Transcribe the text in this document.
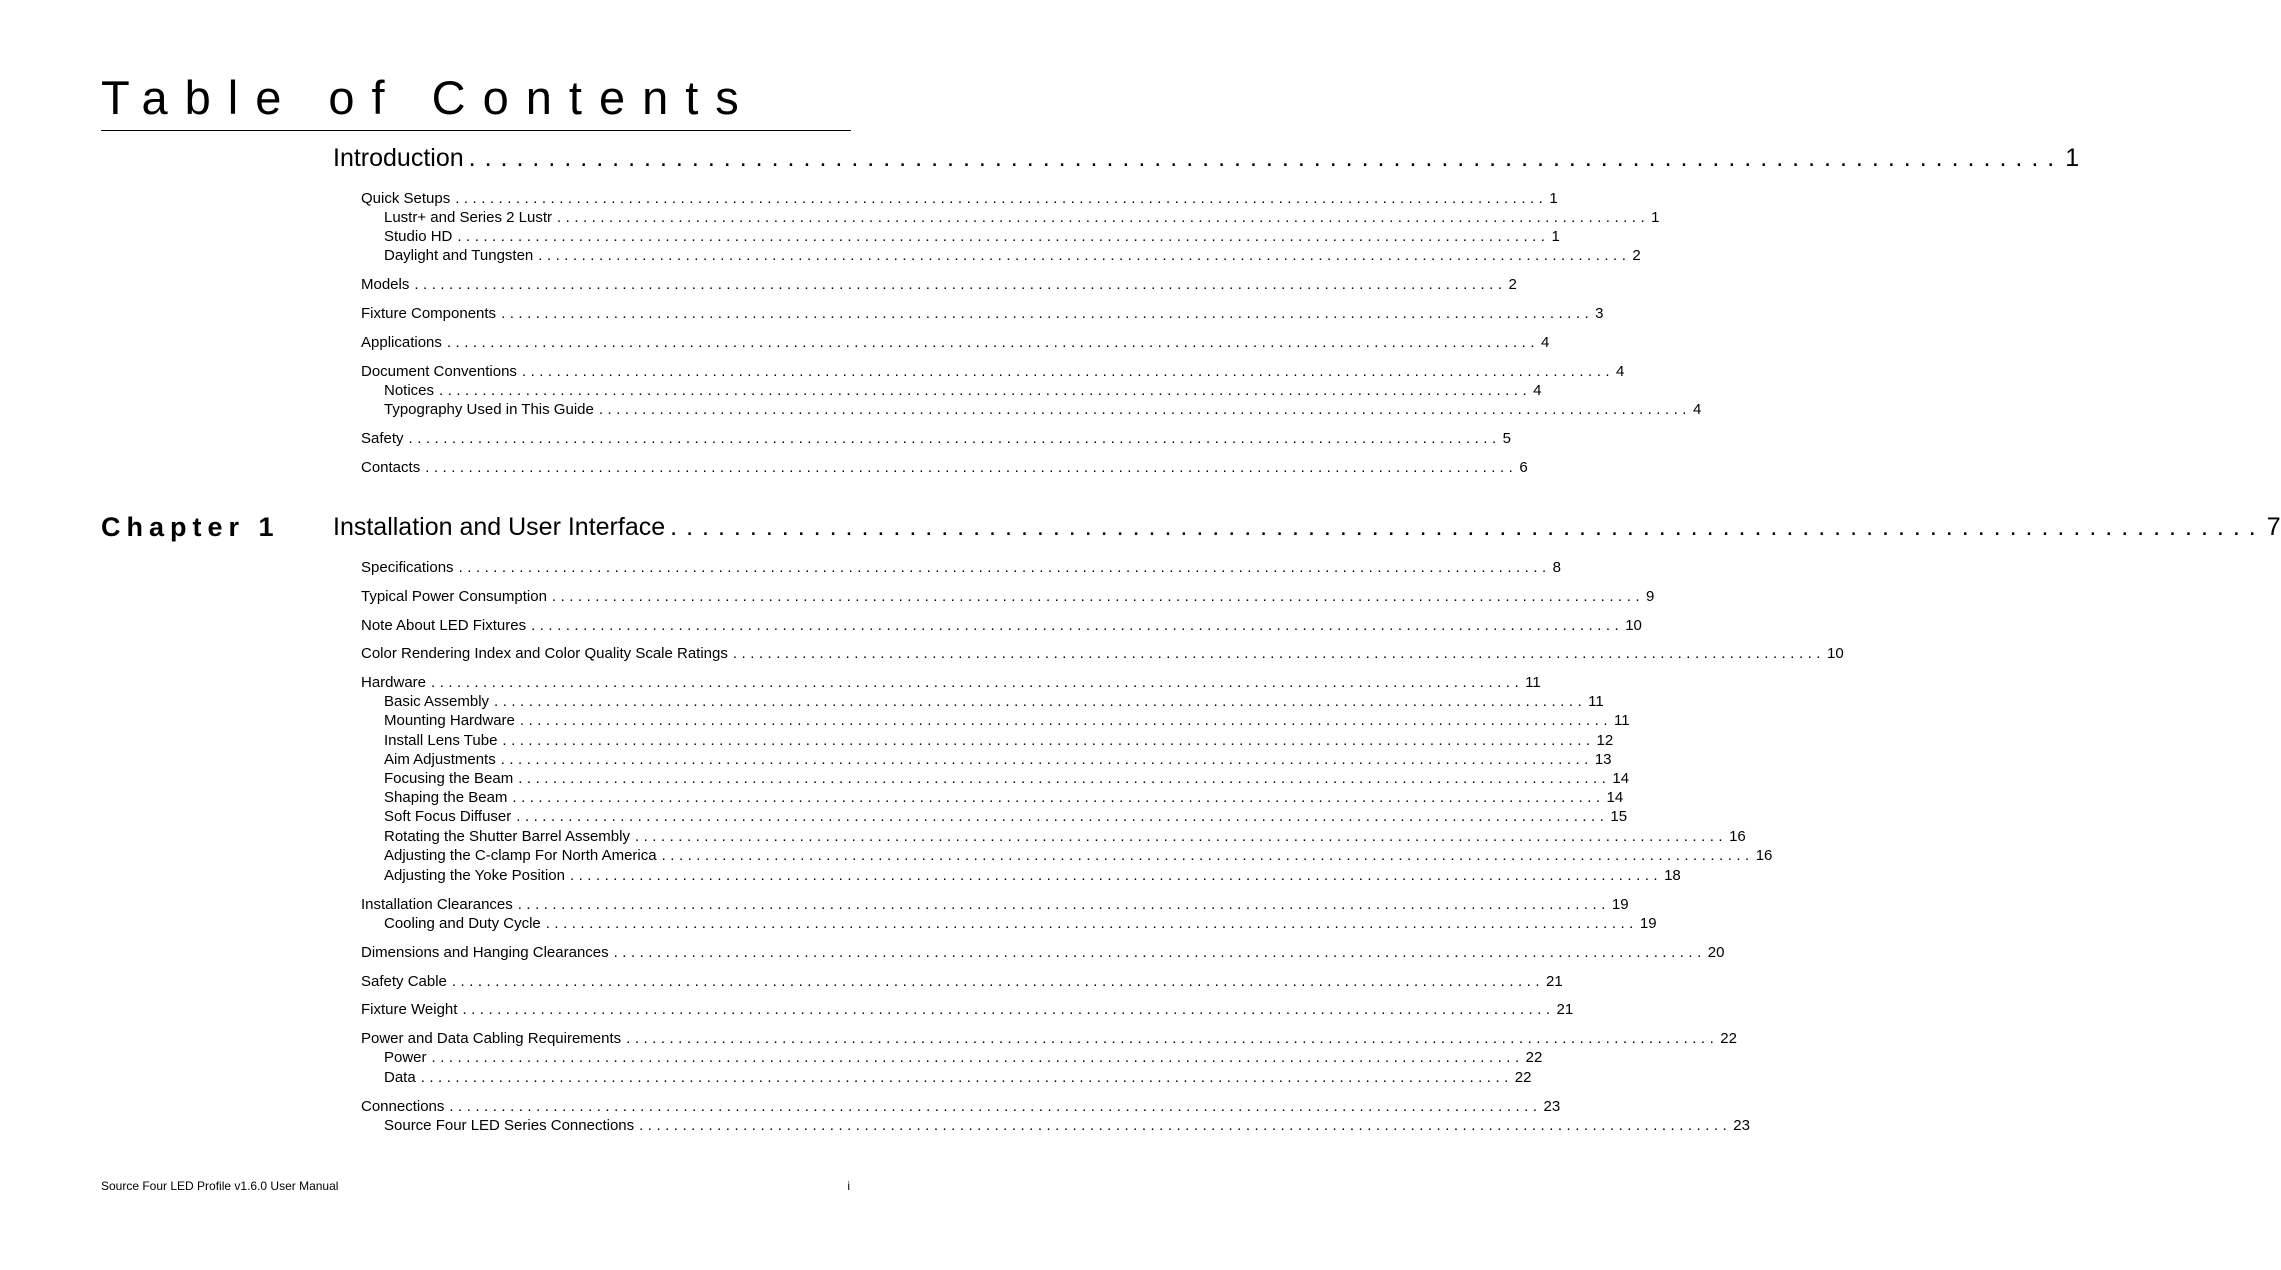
Table of Contents
Introduction .................................................................................................... 1
Quick Setups .............................................................................................................................. 1
Lustr+ and Series 2 Lustr .............................................................................................................................. 1
Studio HD .............................................................................................................................. 1
Daylight and Tungsten .............................................................................................................................. 2
Models .............................................................................................................................. 2
Fixture Components .............................................................................................................................. 3
Applications .............................................................................................................................. 4
Document Conventions .............................................................................................................................. 4
Notices .............................................................................................................................. 4
Typography Used in This Guide .............................................................................................................................. 4
Safety .............................................................................................................................. 5
Contacts .............................................................................................................................. 6
Chapter 1 Installation and User Interface .................................................................................................... 7
Specifications .............................................................................................................................. 8
Typical Power Consumption .............................................................................................................................. 9
Note About LED Fixtures .............................................................................................................................. 10
Color Rendering Index and Color Quality Scale Ratings .............................................................................................................................. 10
Hardware .............................................................................................................................. 11
Basic Assembly .............................................................................................................................. 11
Mounting Hardware .............................................................................................................................. 11
Install Lens Tube .............................................................................................................................. 12
Aim Adjustments .............................................................................................................................. 13
Focusing the Beam .............................................................................................................................. 14
Shaping the Beam .............................................................................................................................. 14
Soft Focus Diffuser .............................................................................................................................. 15
Rotating the Shutter Barrel Assembly .............................................................................................................................. 16
Adjusting the C-clamp For North America .............................................................................................................................. 16
Adjusting the Yoke Position .............................................................................................................................. 18
Installation Clearances .............................................................................................................................. 19
Cooling and Duty Cycle .............................................................................................................................. 19
Dimensions and Hanging Clearances .............................................................................................................................. 20
Safety Cable .............................................................................................................................. 21
Fixture Weight .............................................................................................................................. 21
Power and Data Cabling Requirements .............................................................................................................................. 22
Power .............................................................................................................................. 22
Data .............................................................................................................................. 22
Connections .............................................................................................................................. 23
Source Four LED Series Connections .............................................................................................................................. 23
Source Four LED Profile v1.6.0 User Manual	i
